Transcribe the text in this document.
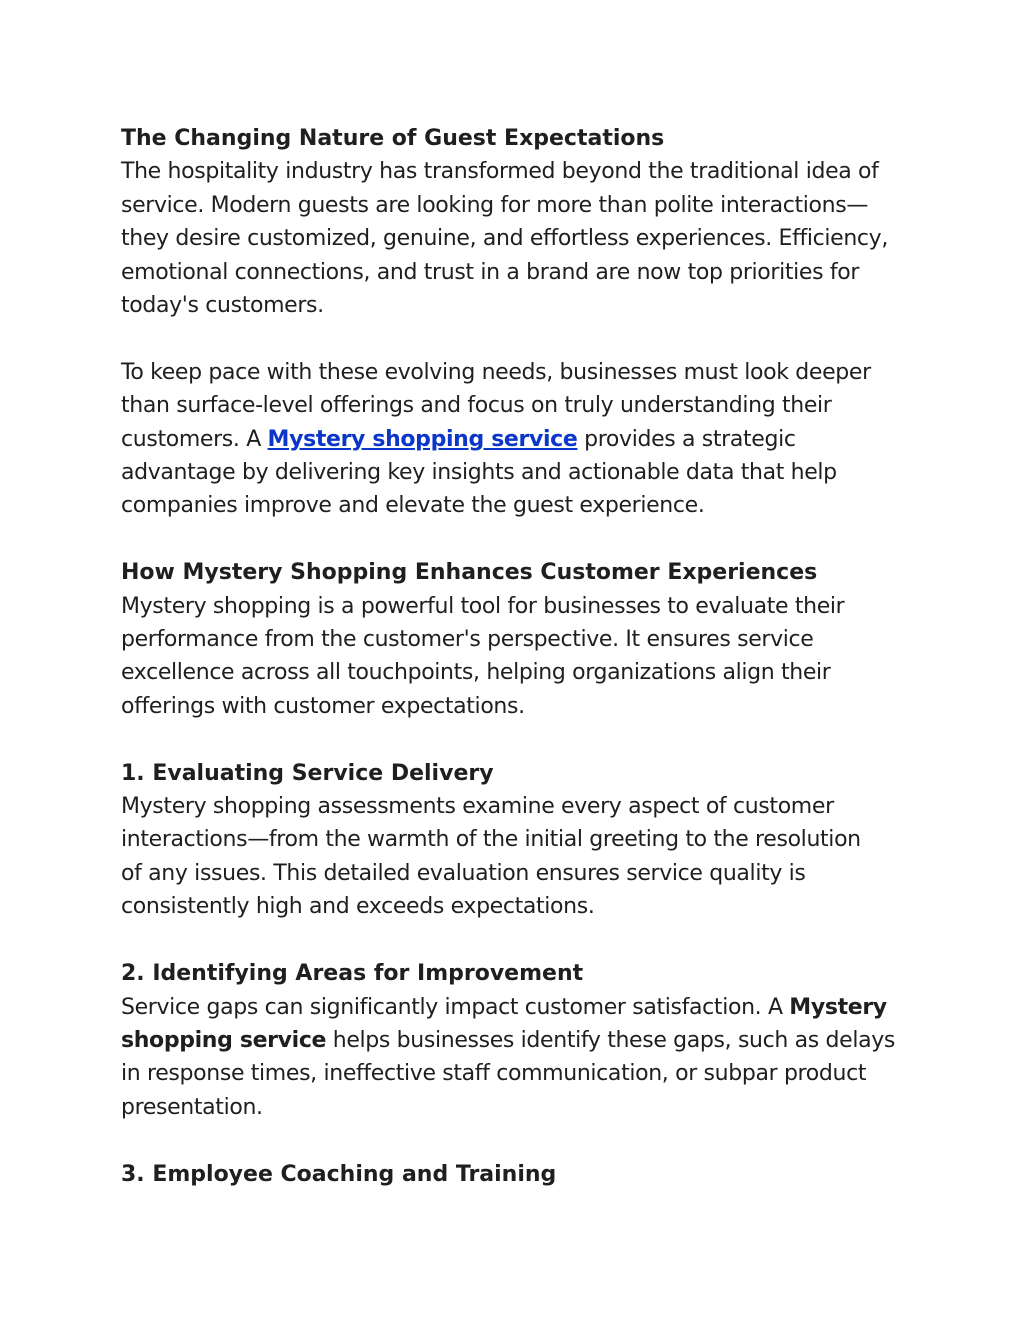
The Changing Nature of Guest Expectations

The hospitality industry has transformed beyond the traditional idea of
service. Modern guests are looking for more than polite interactions—
they desire customized, genuine, and effortless experiences. Efficiency,
emotional connections, and trust in a brand are now top priorities for
today's customers.

To keep pace with these evolving needs, businesses must look deeper
than surface-level offerings and focus on truly understanding their
customers. A Mystery shopping service provides a strategic
advantage by delivering key insights and actionable data that help
companies improve and elevate the guest experience.

How Mystery Shopping Enhances Customer Experiences

Mystery shopping is a powerful tool for businesses to evaluate their
performance from the customer's perspective. It ensures service
excellence across all touchpoints, helping organizations align their
offerings with customer expectations.

1. Evaluating Service Delivery

Mystery shopping assessments examine every aspect of customer
interactions—from the warmth of the initial greeting to the resolution
of any issues. This detailed evaluation ensures service quality is
consistently high and exceeds expectations.

2. Identifying Areas for Improvement

Service gaps can significantly impact customer satisfaction. A Mystery
shopping service helps businesses identify these gaps, such as delays
in response times, ineffective staff communication, or subpar product
presentation.

3. Employee Coaching and Training
